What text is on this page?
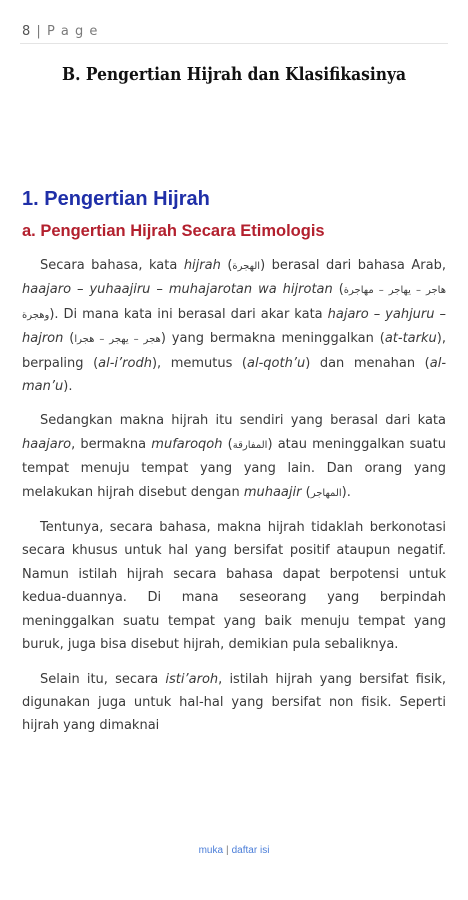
8 | P a g e
B. Pengertian Hijrah dan Klasifikasinya
1. Pengertian Hijrah
a. Pengertian Hijrah Secara Etimologis

Secara bahasa, kata hijrah (الهجرة) berasal dari bahasa Arab, haajaro – yuhaajiru – muhajarotan wa hijrotan (هاجر – يهاجر – مهاجرة وهجرة). Di mana kata ini berasal dari akar kata hajaro – yahjuru – hajron (هجر – يهجر – هجرا) yang bermakna meninggalkan (at-tarku), berpaling (al-i’rodh), memutus (al-qoth’u) dan menahan (al-man’u).

Sedangkan makna hijrah itu sendiri yang berasal dari kata haajaro, bermakna mufaroqoh (المفارقة) atau meninggalkan suatu tempat menuju tempat yang yang lain. Dan orang yang melakukan hijrah disebut dengan muhaajir (المهاجر).

Tentunya, secara bahasa, makna hijrah tidaklah berkonotasi secara khusus untuk hal yang bersifat positif ataupun negatif. Namun istilah hijrah secara bahasa dapat berpotensi untuk kedua-duannya. Di mana seseorang yang berpindah meninggalkan suatu tempat yang baik menuju tempat yang buruk, juga bisa disebut hijrah, demikian pula sebaliknya.

Selain itu, secara isti’aroh, istilah hijrah yang bersifat fisik, digunakan juga untuk hal-hal yang bersifat non fisik. Seperti hijrah yang dimaknai

muka | daftar isi
